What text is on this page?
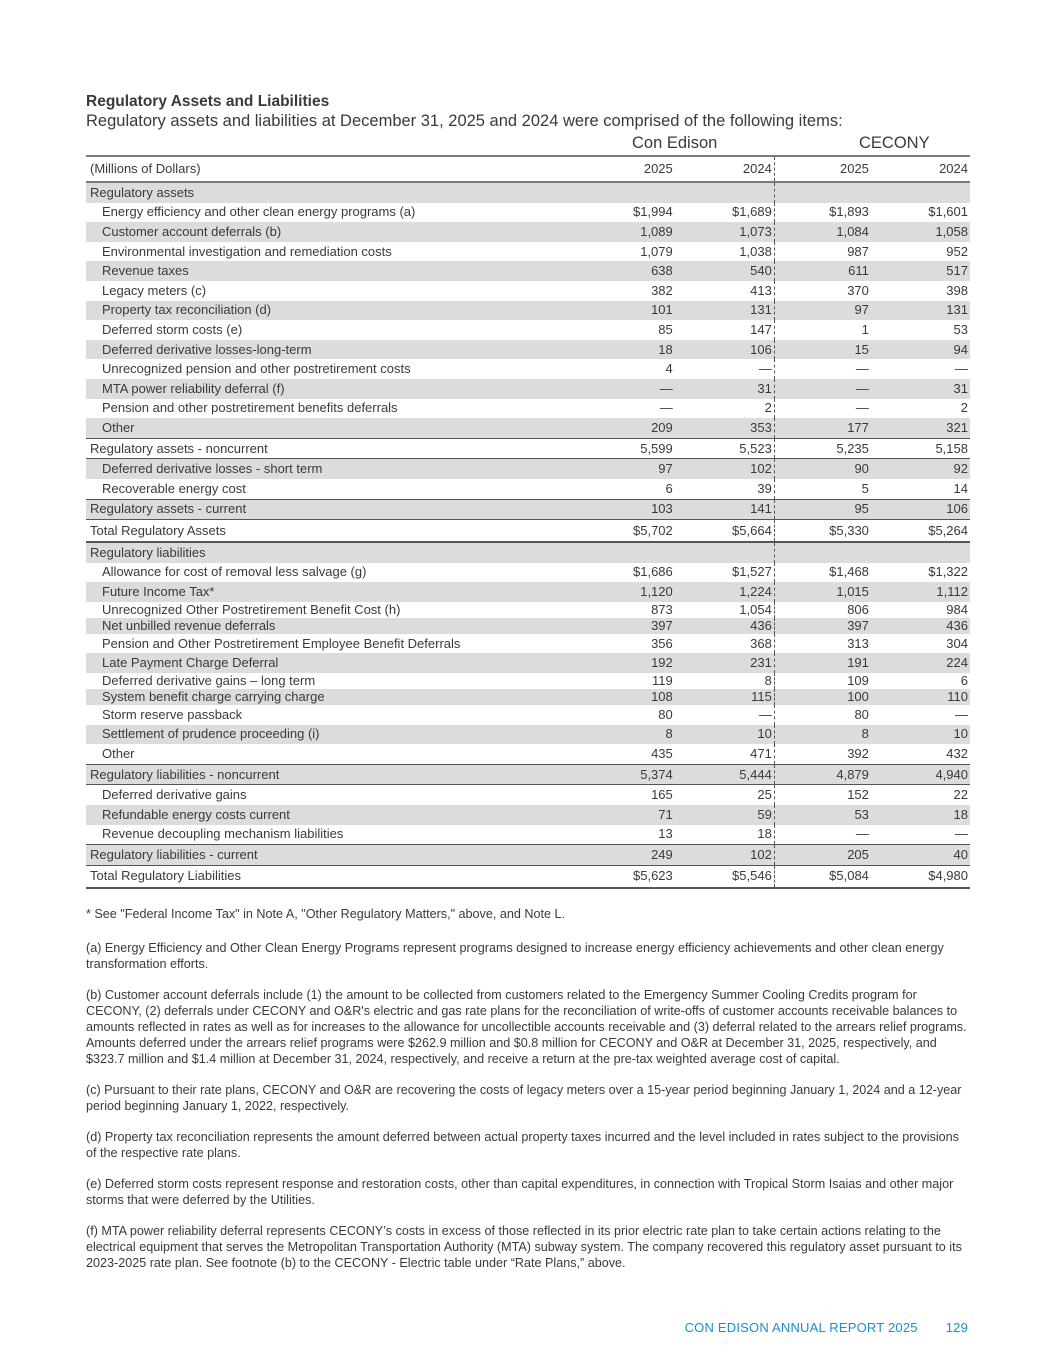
Regulatory Assets and Liabilities
Regulatory assets and liabilities at December 31, 2025 and 2024 were comprised of the following items:
Con Edison	CECONY
(Millions of Dollars)	2025	2024	2025	2024
Regulatory assets				
Energy efficiency and other clean energy programs (a)	$1,994	$1,689	$1,893	$1,601
Customer account deferrals (b)	1,089	1,073	1,084	1,058
Environmental investigation and remediation costs	1,079	1,038	987	952
Revenue taxes	638	540	611	517
Legacy meters (c)	382	413	370	398
Property tax reconciliation (d)	101	131	97	131
Deferred storm costs (e)	85	147	1	53
Deferred derivative losses-long-term	18	106	15	94
Unrecognized pension and other postretirement costs	4	—	—	—
MTA power reliability deferral (f)	—	31	—	31
Pension and other postretirement benefits deferrals	—	2	—	2
Other	209	353	177	321
Regulatory assets - noncurrent	5,599	5,523	5,235	5,158
Deferred derivative losses - short term	97	102	90	92
Recoverable energy cost	6	39	5	14
Regulatory assets - current	103	141	95	106
Total Regulatory Assets	$5,702	$5,664	$5,330	$5,264
Regulatory liabilities				
Allowance for cost of removal less salvage (g)	$1,686	$1,527	$1,468	$1,322
Future Income Tax*	1,120	1,224	1,015	1,112
Unrecognized Other Postretirement Benefit Cost (h)	873	1,054	806	984
Net unbilled revenue deferrals	397	436	397	436
Pension and Other Postretirement Employee Benefit Deferrals	356	368	313	304
Late Payment Charge Deferral	192	231	191	224
Deferred derivative gains – long term	119	8	109	6
System benefit charge carrying charge	108	115	100	110
Storm reserve passback	80	—	80	—
Settlement of prudence proceeding (i)	8	10	8	10
Other	435	471	392	432
Regulatory liabilities - noncurrent	5,374	5,444	4,879	4,940
Deferred derivative gains	165	25	152	22
Refundable energy costs current	71	59	53	18
Revenue decoupling mechanism liabilities	13	18	—	—
Regulatory liabilities - current	249	102	205	40
Total Regulatory Liabilities	$5,623	$5,546	$5,084	$4,980
* See "Federal Income Tax" in Note A, "Other Regulatory Matters," above, and Note L.
(a) Energy Efficiency and Other Clean Energy Programs represent programs designed to increase energy efficiency achievements and other clean energy transformation efforts.
(b) Customer account deferrals include (1) the amount to be collected from customers related to the Emergency Summer Cooling Credits program for CECONY, (2) deferrals under CECONY and O&R's electric and gas rate plans for the reconciliation of write-offs of customer accounts receivable balances to amounts reflected in rates as well as for increases to the allowance for uncollectible accounts receivable and (3) deferral related to the arrears relief programs. Amounts deferred under the arrears relief programs were $262.9 million and $0.8 million for CECONY and O&R at December 31, 2025, respectively, and $323.7 million and $1.4 million at December 31, 2024, respectively, and receive a return at the pre-tax weighted average cost of capital.
(c) Pursuant to their rate plans, CECONY and O&R are recovering the costs of legacy meters over a 15-year period beginning January 1, 2024 and a 12-year period beginning January 1, 2022, respectively.
(d) Property tax reconciliation represents the amount deferred between actual property taxes incurred and the level included in rates subject to the provisions of the respective rate plans.
(e) Deferred storm costs represent response and restoration costs, other than capital expenditures, in connection with Tropical Storm Isaias and other major storms that were deferred by the Utilities.
(f) MTA power reliability deferral represents CECONY’s costs in excess of those reflected in its prior electric rate plan to take certain actions relating to the electrical equipment that serves the Metropolitan Transportation Authority (MTA) subway system. The company recovered this regulatory asset pursuant to its 2023-2025 rate plan. See footnote (b) to the CECONY - Electric table under “Rate Plans,” above.
CON EDISON ANNUAL REPORT 2025 129
